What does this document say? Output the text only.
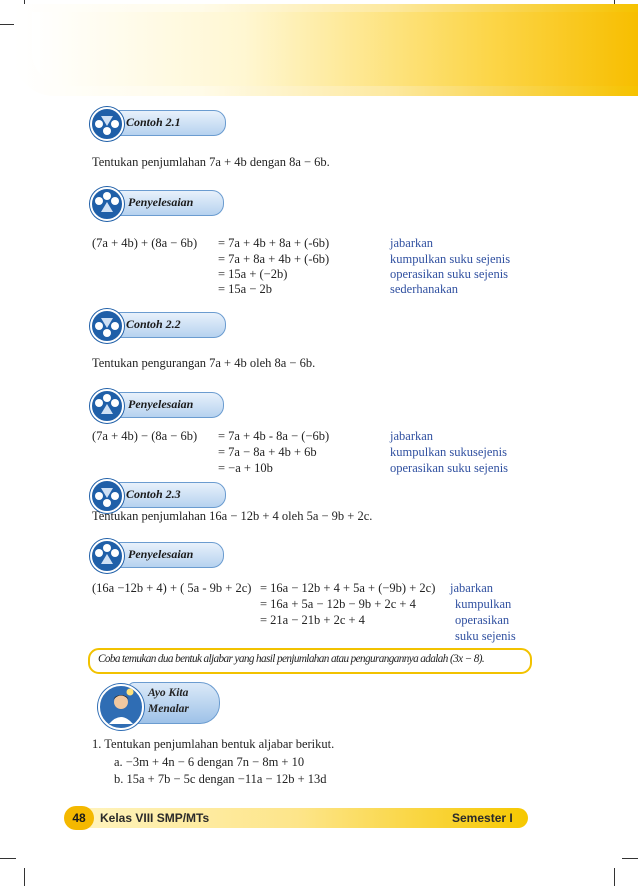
Contoh 2.1
Tentukan penjumlahan 7a + 4b dengan 8a − 6b.
Penyelesaian
(7a + 4b) + (8a − 6b) = 7a + 4b + 8a + (-6b)
= 7a + 8a + 4b + (-6b)
= 15a + (−2b)
= 15a − 2b
jabarkan
kumpulkan suku sejenis
operasikan suku sejenis
sederhanakan
Contoh 2.2
Tentukan pengurangan 7a + 4b oleh 8a − 6b.
Penyelesaian
(7a + 4b) − (8a − 6b) = 7a + 4b - 8a − (−6b)
= 7a − 8a + 4b + 6b
= −a + 10b
jabarkan
kumpulkan sukusejenis
operasikan suku sejenis
Contoh 2.3
Tentukan penjumlahan 16a − 12b + 4 oleh 5a − 9b + 2c.
Penyelesaian
(16a −12b + 4) + ( 5a - 9b + 2c) = 16a − 12b + 4 + 5a + (−9b) + 2c)
= 16a + 5a − 12b − 9b + 2c + 4
= 21a − 21b + 2c + 4
jabarkan
kumpulkan
operasikan
suku sejenis
Coba temukan dua bentuk aljabar yang hasil penjumlahan atau pengurangannya adalah (3x − 8).
Ayo Kita
Menalar
1. Tentukan penjumlahan bentuk aljabar berikut.
a. −3m + 4n − 6 dengan 7n − 8m + 10
b. 15a + 7b − 5c dengan −11a − 12b + 13d
48	Kelas VIII SMP/MTs	Semester I
